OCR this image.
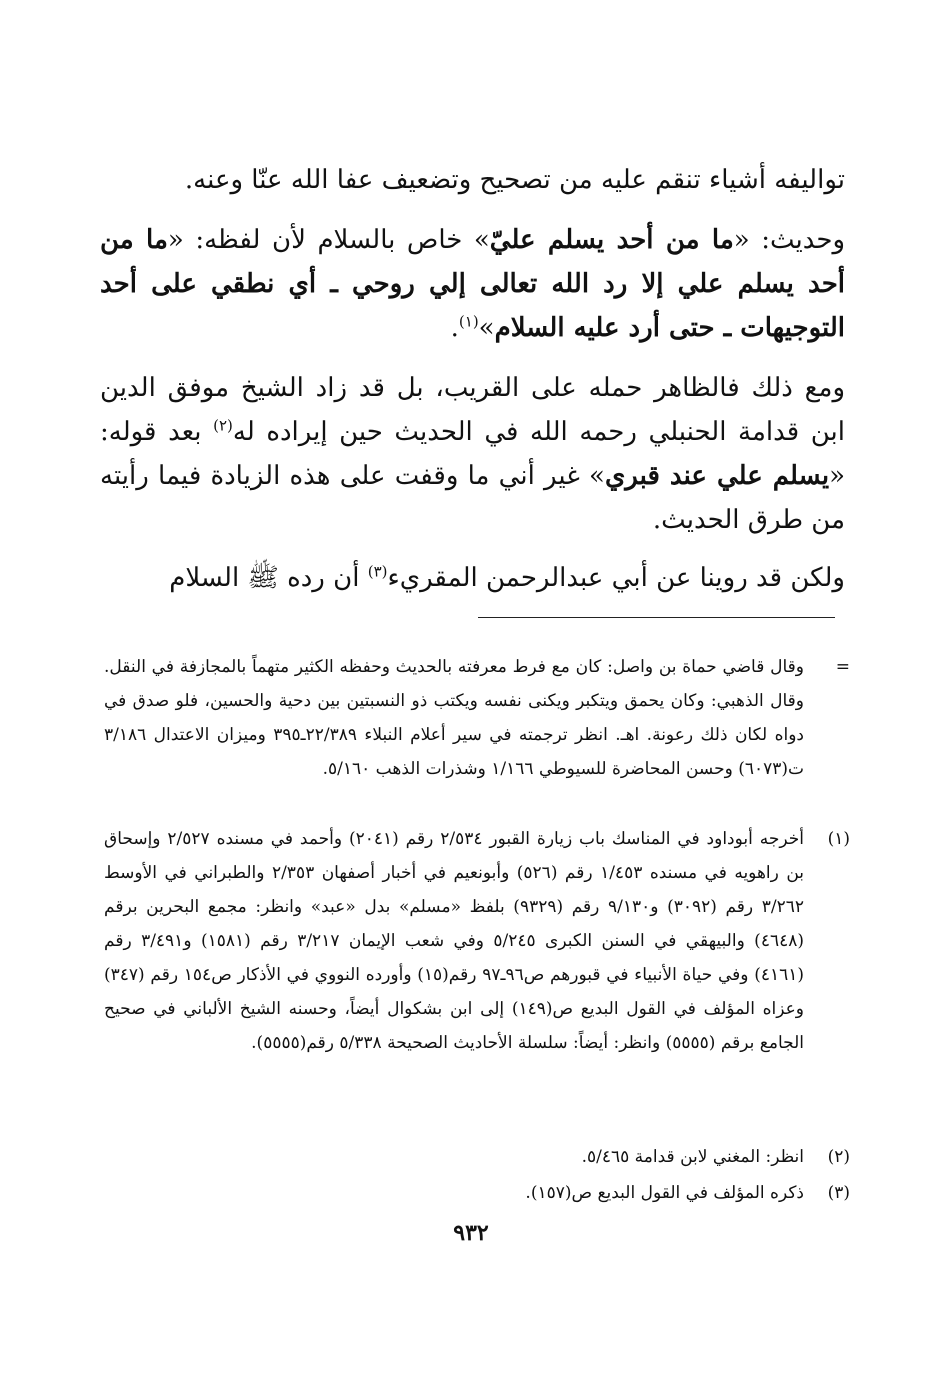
توالیفه أشیاء تنقم علیه من تصحیح وتضعیف عفا الله عنّا وعنه.

وحديث: «ما من أحد يسلم عليّ» خاص بالسلام لأن لفظه: «ما من أحد يسلم علي إلا رد الله تعالى إلي روحي ـ أي نطقي على أحد التوجيهات ـ حتى أرد عليه السلام»$^{(١)}$.

ومع ذلك فالظاهر حمله على القريب، بل قد زاد الشيخ موفق الدين ابن قدامة الحنبلي رحمه الله في الحديث حين إيراده له$^{(٢)}$ بعد قوله: «يسلم علي عند قبري» غير أني ما وقفت على هذه الزيادة فيما رأيته من طرق الحديث.

ولكن قد روينا عن أبي عبدالرحمن المقريء$^{(٣)}$ أن رده ﷺ السلام

=
وقال قاضي حماة بن واصل: كان مع فرط معرفته بالحديث وحفظه الكثير متهماً بالمجازفة في النقل. وقال الذهبي: وكان يحمق ويتكبر ويكنى نفسه ويكتب ذو النسبتين بين دحية والحسين، فلو صدق في دواه لكان ذلك رعونة. اهـ. انظر ترجمته في سير أعلام النبلاء ٢٢/٣٨٩ـ٣٩٥ وميزان الاعتدال ٣/١٨٦ ت(٦٠٧٣) وحسن المحاضرة للسيوطي ١/١٦٦ وشذرات الذهب ٥/١٦٠.
(١)
أخرجه أبوداود في المناسك باب زيارة القبور ٢/٥٣٤ رقم (٢٠٤١) وأحمد في مسنده ٢/٥٢٧ وإسحاق بن راهويه في مسنده ١/٤٥٣ رقم (٥٢٦) وأبونعيم في أخبار أصفهان ٢/٣٥٣ والطبراني في الأوسط ٣/٢٦٢ رقم (٣٠٩٢) و٩/١٣٠ رقم (٩٣٢٩) بلفظ «مسلم» بدل «عبد» وانظر: مجمع البحرين برقم (٤٦٤٨) والبيهقي في السنن الكبرى ٥/٢٤٥ وفي شعب الإيمان ٣/٢١٧ رقم (١٥٨١) و٣/٤٩١ رقم (٤١٦١) وفي حياة الأنبياء في قبورهم ص٩٦ـ٩٧ رقم(١٥) وأورده النووي في الأذكار ص١٥٤ رقم (٣٤٧) وعزاه المؤلف في القول البديع ص(١٤٩) إلى ابن بشكوال أيضاً، وحسنه الشيخ الألباني في صحيح الجامع برقم (٥٥٥٥) وانظر: أيضاً: سلسلة الأحاديث الصحيحة ٥/٣٣٨ رقم(٥٥٥٥).
(٢)
انظر: المغني لابن قدامة ٥/٤٦٥.
(٣)
ذكره المؤلف في القول البديع ص(١٥٧).
٩٣٢
